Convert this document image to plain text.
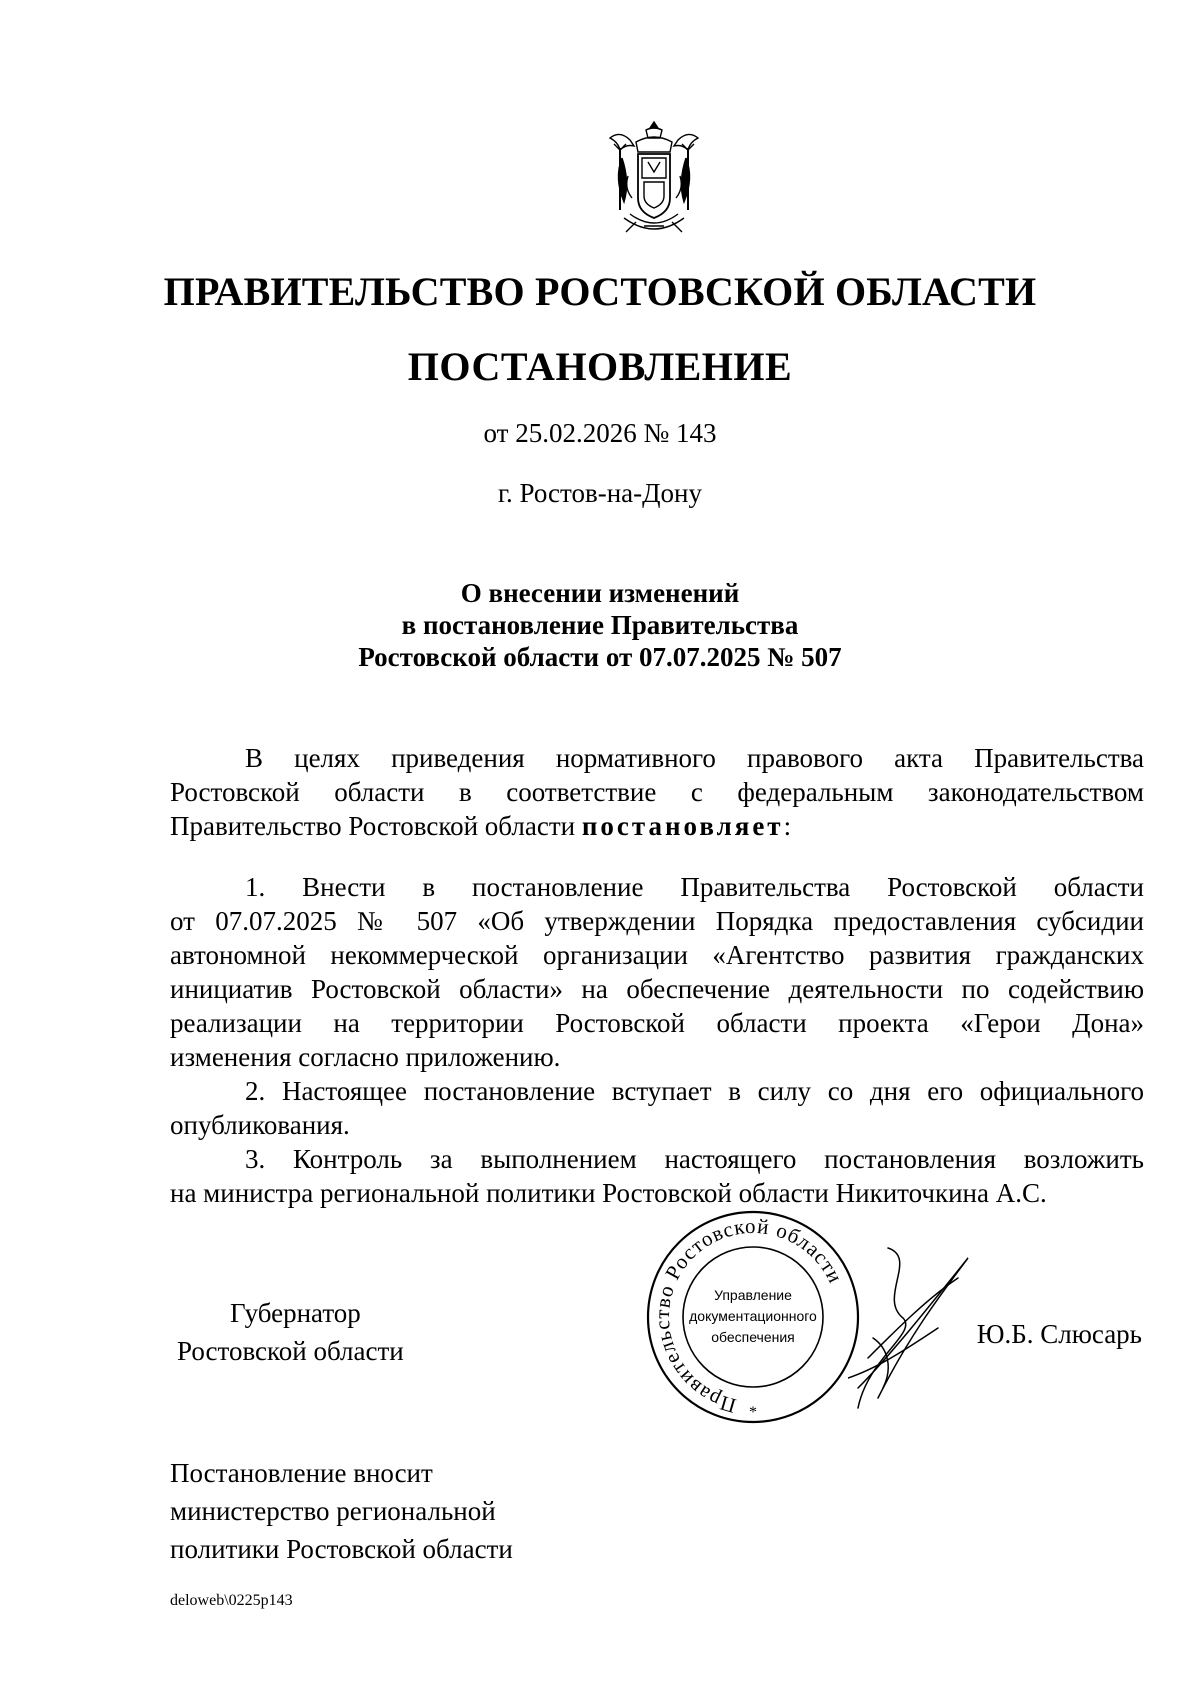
ПРАВИТЕЛЬСТВО РОСТОВСКОЙ ОБЛАСТИ
ПОСТАНОВЛЕНИЕ
от 25.02.2026 № 143
г. Ростов-на-Дону
О внесении изменений
в постановление Правительства
Ростовской области от 07.07.2025 № 507
В целях приведения нормативного правового акта Правительства
Ростовской области в соответствие с федеральным законодательством
Правительство Ростовской области постановляет:
1. Внести в постановление Правительства Ростовской области
от 07.07.2025 № 507 «Об утверждении Порядка предоставления субсидии
автономной некоммерческой организации «Агентство развития гражданских
инициатив Ростовской области» на обеспечение деятельности по содействию
реализации на территории Ростовской области проекта «Герои Дона»
изменения согласно приложению.
2. Настоящее постановление вступает в силу со дня его официального
опубликования.
3. Контроль за выполнением настоящего постановления возложить
на министра региональной политики Ростовской области Никиточкина А.С.
Губернатор
Ростовской области
Правительство Ростовской области
Управление
документационного
обеспечения
*
Ю.Б. Слюсарь
Постановление вносит
министерство региональной
политики Ростовской области
deloweb\0225p143
